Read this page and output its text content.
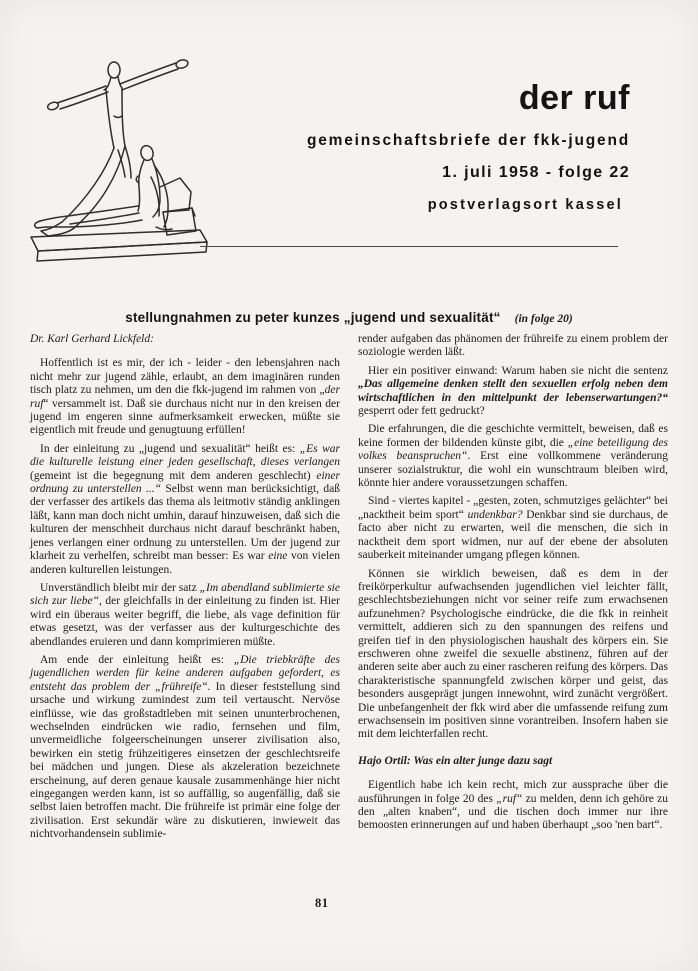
der ruf
gemeinschaftsbriefe der fkk-jugend
1. juli 1958 - folge 22
postverlagsort kassel
stellungnahmen zu peter kunzes „jugend und sexualität“ (in folge 20)

Dr. Karl Gerhard Lickfeld:

Hoffentlich ist es mir, der ich - leider - den lebensjahren nach nicht mehr zur jugend zähle, erlaubt, an dem imaginären runden tisch platz zu nehmen, um den die fkk-jugend im rahmen von „der ruf“ versammelt ist. Daß sie durchaus nicht nur in den kreisen der jugend im engeren sinne aufmerksamkeit erwecken, müßte sie eigentlich mit freude und genugtuung erfüllen!

In der einleitung zu „jugend und sexualität“ heißt es: „Es war die kulturelle leistung einer jeden gesellschaft, dieses verlangen (gemeint ist die begegnung mit dem anderen geschlecht) einer ordnung zu unterstellen ...“ Selbst wenn man berücksichtigt, daß der verfasser des artikels das thema als leitmotiv ständig anklingen läßt, kann man doch nicht umhin, darauf hinzuweisen, daß sich die kulturen der menschheit durchaus nicht darauf beschränkt haben, jenes verlangen einer ordnung zu unterstellen. Um der jugend zur klarheit zu verhelfen, schreibt man besser: Es war eine von vielen anderen kulturellen leistungen.

Unverständlich bleibt mir der satz „Im abendland sublimierte sie sich zur liebe“, der gleichfalls in der einleitung zu finden ist. Hier wird ein überaus weiter begriff, die liebe, als vage definition für etwas gesetzt, was der verfasser aus der kulturgeschichte des abendlandes eruieren und dann komprimieren müßte.

Am ende der einleitung heißt es: „Die triebkräfte des jugendlichen werden für keine anderen aufgaben gefordert, es entsteht das problem der „frühreife“. In dieser feststellung sind ursache und wirkung zumindest zum teil vertauscht. Nervöse einflüsse, wie das großstadtleben mit seinen ununterbrochenen, wechselnden eindrücken wie radio, fernsehen und film, unvermeidliche folgeerscheinungen unserer zivilisation also, bewirken ein stetig frühzeitigeres einsetzen der geschlechtsreife bei mädchen und jungen. Diese als akzeleration bezeichnete erscheinung, auf deren genaue kausale zusammenhänge hier nicht eingegangen werden kann, ist so auffällig, so augenfällig, daß sie selbst laien betroffen macht. Die frühreife ist primär eine folge der zivilisation. Erst sekundär wäre zu diskutieren, inwieweit das nichtvorhandensein sublimie-

render aufgaben das phänomen der frühreife zu einem problem der soziologie werden läßt.

Hier ein positiver einwand: Warum haben sie nicht die sentenz „Das allgemeine denken stellt den sexuellen erfolg neben dem wirtschaftlichen in den mittelpunkt der lebenserwartungen?“ gesperrt oder fett gedruckt?

Die erfahrungen, die die geschichte vermittelt, beweisen, daß es keine formen der bildenden künste gibt, die „eine beteiligung des volkes beanspruchen“. Erst eine vollkommene veränderung unserer sozialstruktur, die wohl ein wunschtraum bleiben wird, könnte hier andere voraussetzungen schaffen.

Sind - viertes kapitel - „gesten, zoten, schmutziges gelächter“ bei „nacktheit beim sport“ undenkbar? Denkbar sind sie durchaus, de facto aber nicht zu erwarten, weil die menschen, die sich in nacktheit dem sport widmen, nur auf der ebene der absoluten sauberkeit miteinander umgang pflegen können.

Können sie wirklich beweisen, daß es dem in der freikörperkultur aufwachsenden jugendlichen viel leichter fällt, geschlechtsbeziehungen nicht vor seiner reife zum erwachsenen aufzunehmen? Psychologische eindrücke, die die fkk in reinheit vermittelt, addieren sich zu den spannungen des reifens und greifen tief in den physiologischen haushalt des körpers ein. Sie erschweren ohne zweifel die sexuelle abstinenz, führen auf der anderen seite aber auch zu einer rascheren reifung des körpers. Das charakteristische spannungfeld zwischen körper und geist, das besonders ausgeprägt jungen innewohnt, wird zunächt vergrößert. Die unbefangenheit der fkk wird aber die umfassende reifung zum erwachsensein im positiven sinne vorantreiben. Insofern haben sie mit dem leichterfallen recht.

Hajo Ortil: Was ein alter junge dazu sagt

Eigentlich habe ich kein recht, mich zur aussprache über die ausführungen in folge 20 des „ruf“ zu melden, denn ich gehöre zu den „alten knaben“, und die tischen doch immer nur ihre bemoosten erinnerungen auf und haben überhaupt „soo 'nen bart“.

81
